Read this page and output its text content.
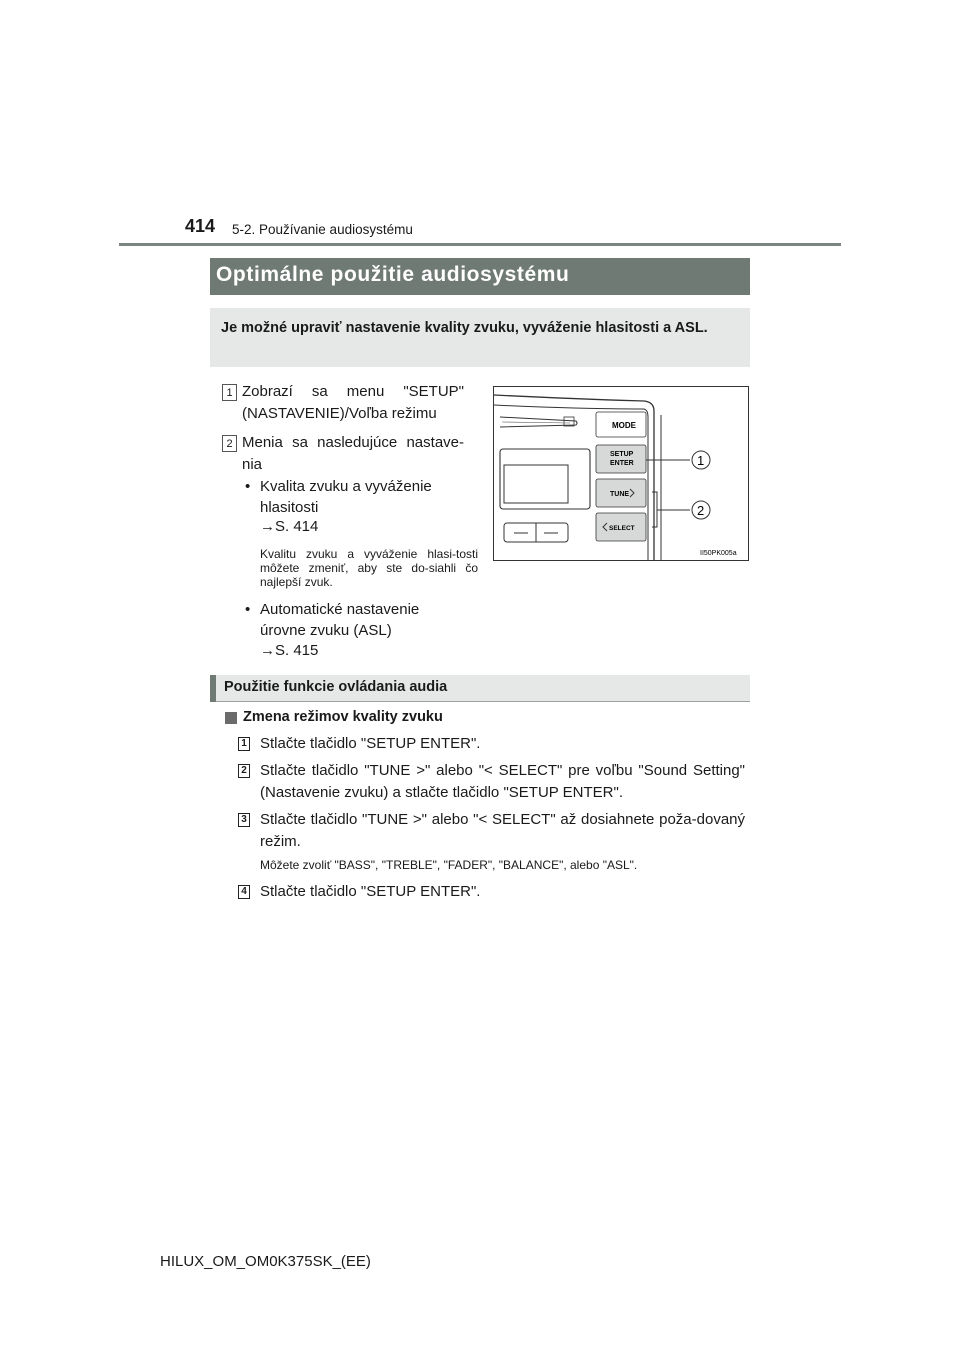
414 5-2. Používanie audiosystému
Optimálne použitie audiosystému
Je možné upraviť nastavenie kvality zvuku, vyváženie hlasitosti a ASL.
1 Zobrazí sa menu "SETUP" (NASTAVENIE)/Voľba režimu
2 Menia sa nasledujúce nastave-nia
• Kvalita zvuku a vyváženie hlasitosti
→S. 414
Kvalitu zvuku a vyváženie hlasi-tosti môžete zmeniť, aby ste do-siahli čo najlepší zvuk.
• Automatické nastavenie úrovne zvuku (ASL)
→S. 415
MODE
SETUP
ENTER
TUNE
SELECT
1
2
II50PK005a
Použitie funkcie ovládania audia
Zmena režimov kvality zvuku
1 Stlačte tlačidlo "SETUP ENTER".
2 Stlačte tlačidlo "TUNE >" alebo "< SELECT" pre voľbu "Sound Setting" (Nastavenie zvuku) a stlačte tlačidlo "SETUP ENTER".
3 Stlačte tlačidlo "TUNE >" alebo "< SELECT" až dosiahnete poža-dovaný režim.
Môžete zvoliť "BASS", "TREBLE", "FADER", "BALANCE", alebo "ASL".
4 Stlačte tlačidlo "SETUP ENTER".
HILUX_OM_OM0K375SK_(EE)
